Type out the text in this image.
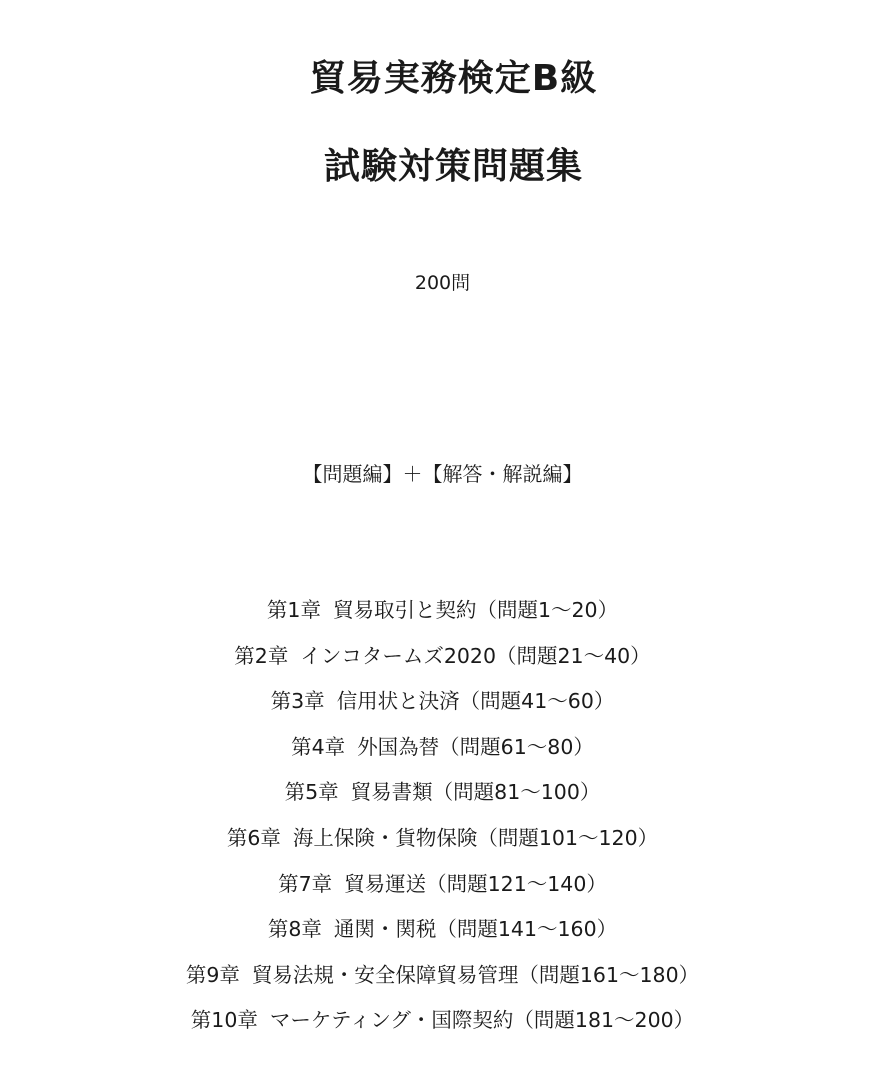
貿易実務検定B級
試験対策問題集
200問
【問題編】＋【解答・解説編】
第1章 貿易取引と契約（問題1～20）
第2章 インコタームズ2020（問題21～40）
第3章 信用状と決済（問題41～60）
第4章 外国為替（問題61～80）
第5章 貿易書類（問題81～100）
第6章 海上保険・貨物保険（問題101～120）
第7章 貿易運送（問題121～140）
第8章 通関・関税（問題141～160）
第9章 貿易法規・安全保障貿易管理（問題161～180）
第10章 マーケティング・国際契約（問題181～200）
